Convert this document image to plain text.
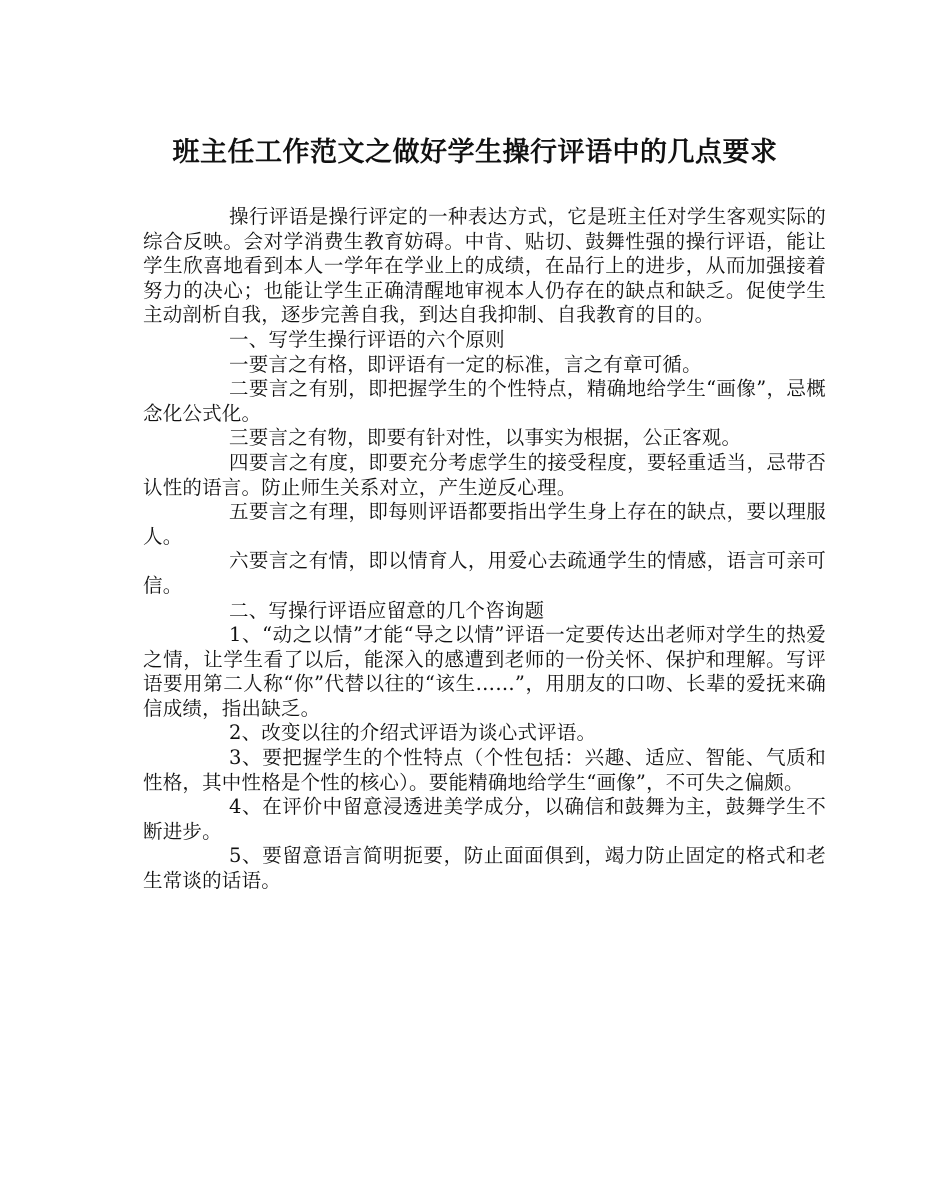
班主任工作范文之做好学生操行评语中的几点要求

操行评语是操行评定的一种表达方式，它是班主任对学生客观实际的综合反映。会对学消费生教育妨碍。中肯、贴切、鼓舞性强的操行评语，能让学生欣喜地看到本人一学年在学业上的成绩，在品行上的进步，从而加强接着努力的决心；也能让学生正确清醒地审视本人仍存在的缺点和缺乏。促使学生主动剖析自我，逐步完善自我，到达自我抑制、自我教育的目的。

一、写学生操行评语的六个原则

一要言之有格，即评语有一定的标准，言之有章可循。

二要言之有别，即把握学生的个性特点，精确地给学生“画像”，忌概念化公式化。

三要言之有物，即要有针对性，以事实为根据，公正客观。

四要言之有度，即要充分考虑学生的接受程度，要轻重适当，忌带否认性的语言。防止师生关系对立，产生逆反心理。

五要言之有理，即每则评语都要指出学生身上存在的缺点，要以理服人。

六要言之有情，即以情育人，用爱心去疏通学生的情感，语言可亲可信。

二、写操行评语应留意的几个咨询题

1、“动之以情”才能“导之以情”评语一定要传达出老师对学生的热爱之情，让学生看了以后，能深入的感遭到老师的一份关怀、保护和理解。写评语要用第二人称“你”代替以往的“该生……”，用朋友的口吻、长辈的爱抚来确信成绩，指出缺乏。

2、改变以往的介绍式评语为谈心式评语。

3、要把握学生的个性特点（个性包括：兴趣、适应、智能、气质和性格，其中性格是个性的核心）。要能精确地给学生“画像”，不可失之偏颇。

4、在评价中留意浸透进美学成分，以确信和鼓舞为主，鼓舞学生不断进步。

5、要留意语言简明扼要，防止面面俱到，竭力防止固定的格式和老生常谈的话语。
